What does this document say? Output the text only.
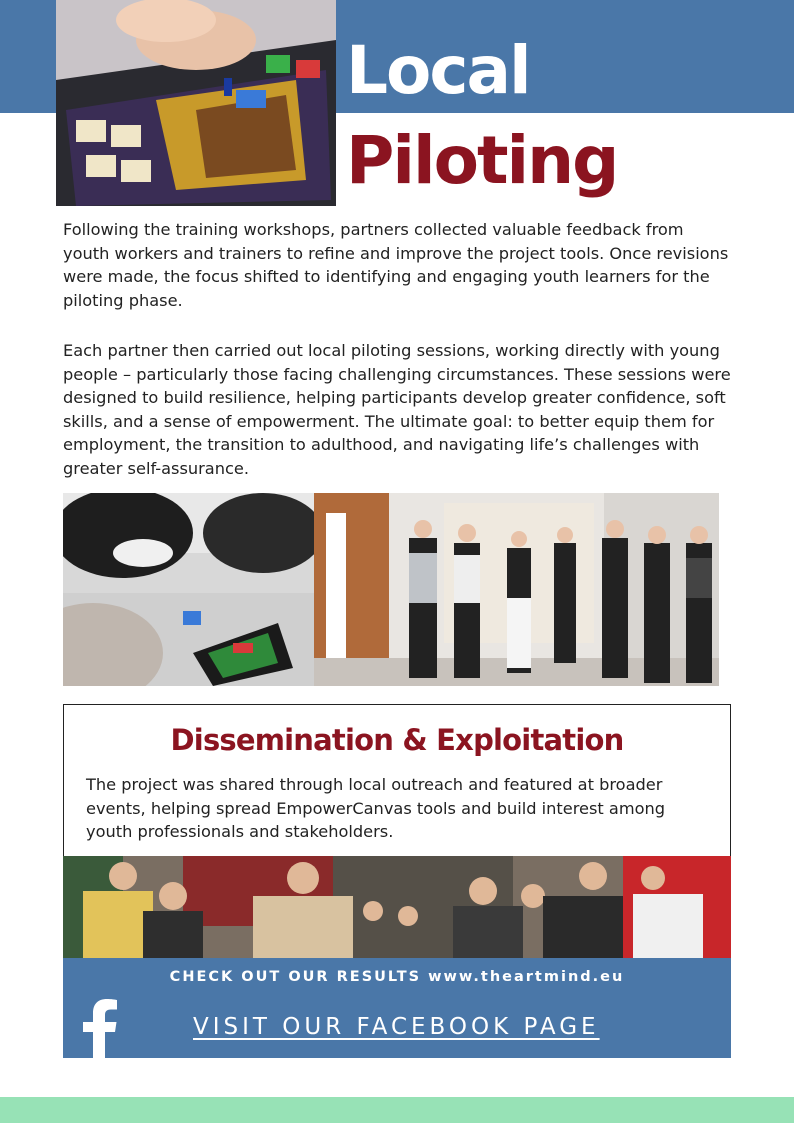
Local
Piloting

Following the training workshops, partners collected valuable feedback from youth workers and trainers to refine and improve the project tools. Once revisions were made, the focus shifted to identifying and engaging youth learners for the piloting phase.

Each partner then carried out local piloting sessions, working directly with young people – particularly those facing challenging circumstances. These sessions were designed to build resilience, helping participants develop greater confidence, soft skills, and a sense of empowerment. The ultimate goal: to better equip them for employment, the transition to adulthood, and navigating life’s challenges with greater self-assurance.

Dissemination & Exploitation

The project was shared through local outreach and featured at broader events, helping spread EmpowerCanvas tools and build interest among youth professionals and stakeholders.

CHECK OUT OUR RESULTS www.theartmind.eu
VISIT OUR FACEBOOK PAGE
